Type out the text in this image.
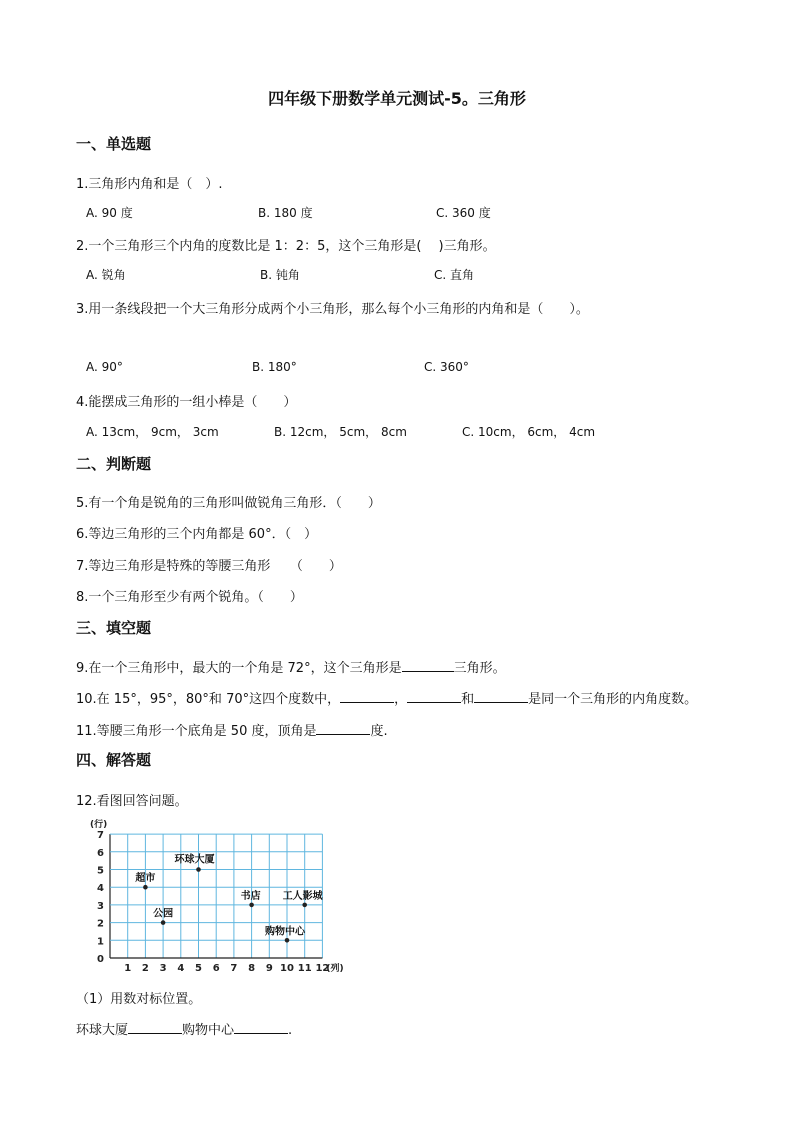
四年级下册数学单元测试-5。三角形
一、单选题
1.三角形内角和是（　）.
A. 90 度	B. 180 度	C. 360 度
2.一个三角形三个内角的度数比是 1：2：5，这个三角形是(　 )三角形。
A. 锐角	B. 钝角	C. 直角
3.用一条线段把一个大三角形分成两个小三角形，那么每个小三角形的内角和是（　　）。
A. 90°	B. 180°	C. 360°
4.能摆成三角形的一组小棒是（　　）
A. 13cm， 9cm， 3cm	B. 12cm， 5cm， 8cm	C. 10cm， 6cm， 4cm
二、判断题
5.有一个角是锐角的三角形叫做锐角三角形．（　　）
6.等边三角形的三个内角都是 60°．（　）
7.等边三角形是特殊的等腰三角形　　（　　）
8.一个三角形至少有两个锐角。（　　）
三、填空题
9.在一个三角形中，最大的一个角是 72°，这个三角形是	三角形。
10.在 15°，95°，80°和 70°这四个度数中，	，	和	是同一个三角形的内角度数。
11.等腰三角形一个底角是 50 度，顶角是	度.
四、解答题
12.看图回答问题。
1 2 3 4 5 6 7 8 9 10 11 12
0
1
2
3
4
5
6
7
(行)
(列)
超市
环球大厦
公园
书店 工人影城
购物中心
（1）用数对标位置。
环球大厦	购物中心	.
